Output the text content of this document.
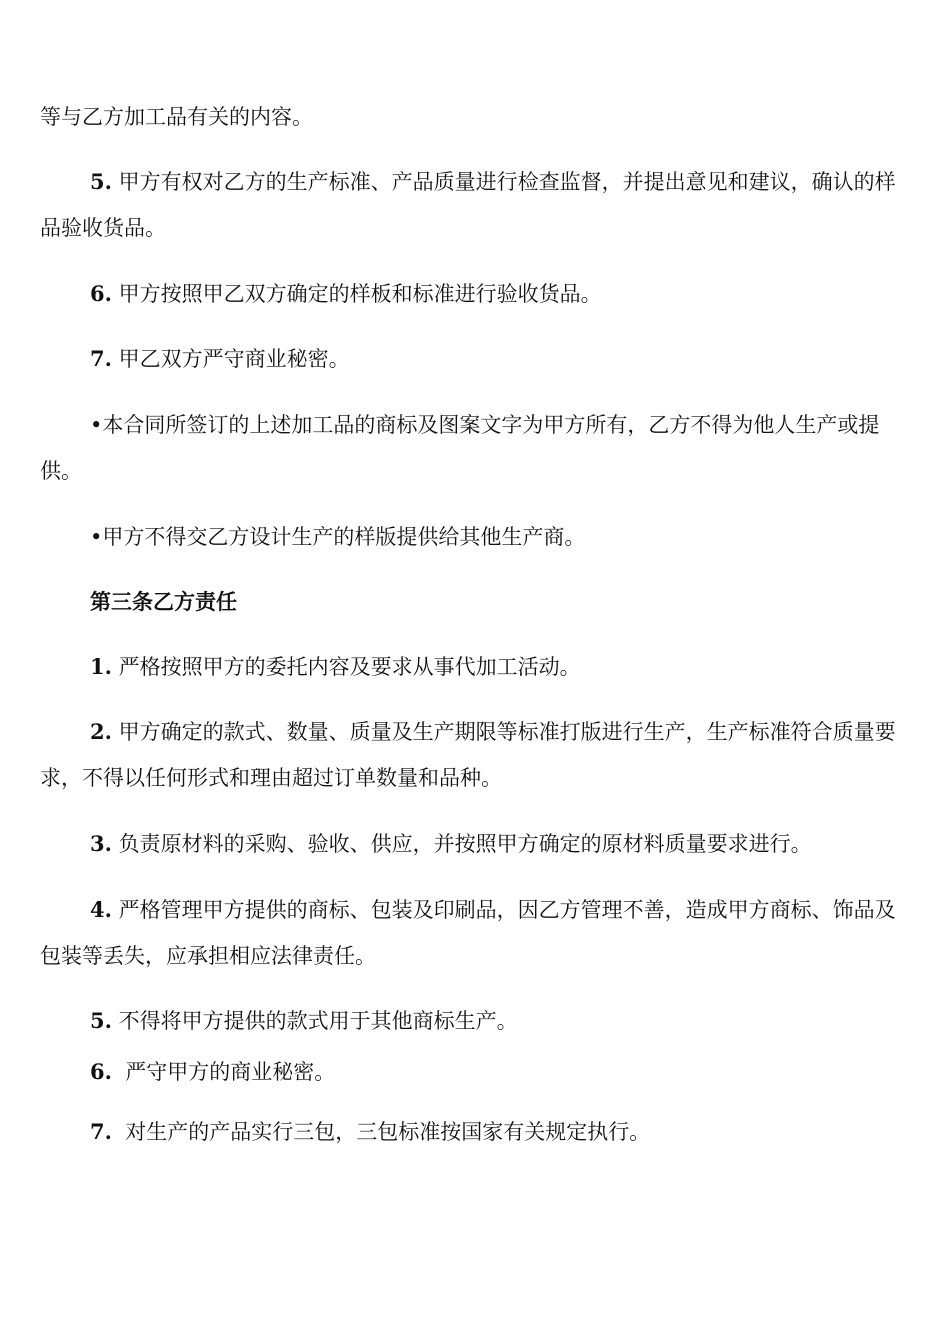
等与乙方加工品有关的内容。

5. 甲方有权对乙方的生产标准、产品质量进行检查监督，并提出意见和建议，确认的样品验收货品。

6. 甲方按照甲乙双方确定的样板和标准进行验收货品。

7. 甲乙双方严守商业秘密。

•本合同所签订的上述加工品的商标及图案文字为甲方所有，乙方不得为他人生产或提供。

•甲方不得交乙方设计生产的样版提供给其他生产商。

第三条乙方责任

1. 严格按照甲方的委托内容及要求从事代加工活动。

2. 甲方确定的款式、数量、质量及生产期限等标准打版进行生产，生产标准符合质量要求，不得以任何形式和理由超过订单数量和品种。

3. 负责原材料的采购、验收、供应，并按照甲方确定的原材料质量要求进行。

4. 严格管理甲方提供的商标、包装及印刷品，因乙方管理不善，造成甲方商标、饰品及包装等丢失，应承担相应法律责任。

5. 不得将甲方提供的款式用于其他商标生产。

6.  严守甲方的商业秘密。

7.  对生产的产品实行三包，三包标准按国家有关规定执行。
